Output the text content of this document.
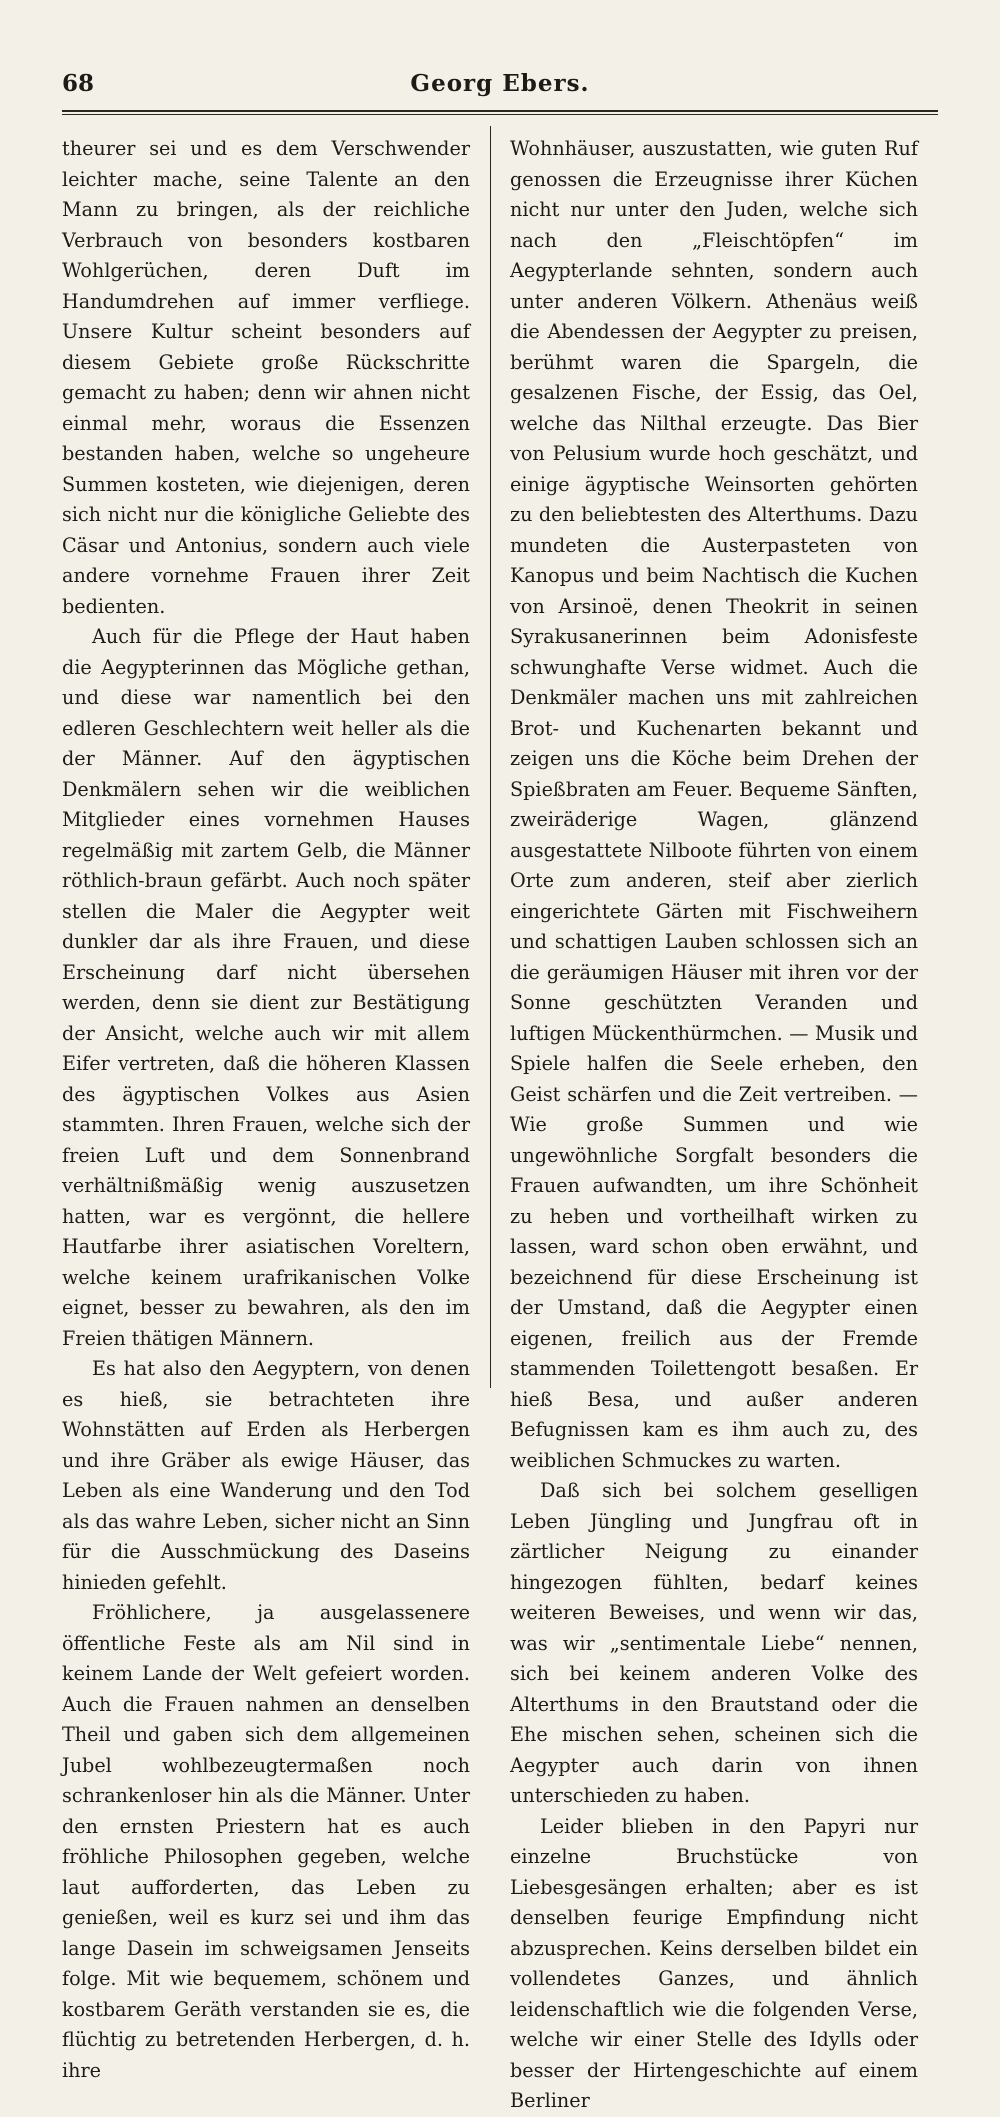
68	Georg Ebers.

theurer sei und es dem Verschwender leichter mache, seine Talente an den Mann zu bringen, als der reichliche Verbrauch von besonders kostbaren Wohlgerüchen, deren Duft im Handumdrehen auf immer verfliege. Unsere Kultur scheint besonders auf diesem Gebiete große Rückschritte gemacht zu haben; denn wir ahnen nicht einmal mehr, woraus die Essenzen bestanden haben, welche so ungeheure Summen kosteten, wie diejenigen, deren sich nicht nur die königliche Geliebte des Cäsar und Antonius, sondern auch viele andere vornehme Frauen ihrer Zeit bedienten.

Auch für die Pflege der Haut haben die Aegypterinnen das Mögliche gethan, und diese war namentlich bei den edleren Geschlechtern weit heller als die der Männer. Auf den ägyptischen Denkmälern sehen wir die weiblichen Mitglieder eines vornehmen Hauses regelmäßig mit zartem Gelb, die Männer röthlich-braun gefärbt. Auch noch später stellen die Maler die Aegypter weit dunkler dar als ihre Frauen, und diese Erscheinung darf nicht übersehen werden, denn sie dient zur Bestätigung der Ansicht, welche auch wir mit allem Eifer vertreten, daß die höheren Klassen des ägyptischen Volkes aus Asien stammten. Ihren Frauen, welche sich der freien Luft und dem Sonnenbrand verhältnißmäßig wenig auszusetzen hatten, war es vergönnt, die hellere Hautfarbe ihrer asiatischen Voreltern, welche keinem urafrikanischen Volke eignet, besser zu bewahren, als den im Freien thätigen Männern.

Es hat also den Aegyptern, von denen es hieß, sie betrachteten ihre Wohnstätten auf Erden als Herbergen und ihre Gräber als ewige Häuser, das Leben als eine Wanderung und den Tod als das wahre Leben, sicher nicht an Sinn für die Ausschmückung des Daseins hinieden gefehlt.

Fröhlichere, ja ausgelassenere öffentliche Feste als am Nil sind in keinem Lande der Welt gefeiert worden. Auch die Frauen nahmen an denselben Theil und gaben sich dem allgemeinen Jubel wohlbezeugtermaßen noch schrankenloser hin als die Männer. Unter den ernsten Priestern hat es auch fröhliche Philosophen gegeben, welche laut aufforderten, das Leben zu genießen, weil es kurz sei und ihm das lange Dasein im schweigsamen Jenseits folge. Mit wie bequemem, schönem und kostbarem Geräth verstanden sie es, die flüchtig zu betretenden Herbergen, d. h. ihre

Wohnhäuser, auszustatten, wie guten Ruf genossen die Erzeugnisse ihrer Küchen nicht nur unter den Juden, welche sich nach den „Fleischtöpfen“ im Aegypterlande sehnten, sondern auch unter anderen Völkern. Athenäus weiß die Abendessen der Aegypter zu preisen, berühmt waren die Spargeln, die gesalzenen Fische, der Essig, das Oel, welche das Nilthal erzeugte. Das Bier von Pelusium wurde hoch geschätzt, und einige ägyptische Weinsorten gehörten zu den beliebtesten des Alterthums. Dazu mundeten die Austerpasteten von Kanopus und beim Nachtisch die Kuchen von Arsinoë, denen Theokrit in seinen Syrakusanerinnen beim Adonisfeste schwunghafte Verse widmet. Auch die Denkmäler machen uns mit zahlreichen Brot- und Kuchenarten bekannt und zeigen uns die Köche beim Drehen der Spießbraten am Feuer. Bequeme Sänften, zweiräderige Wagen, glänzend ausgestattete Nilboote führten von einem Orte zum anderen, steif aber zierlich eingerichtete Gärten mit Fischweihern und schattigen Lauben schlossen sich an die geräumigen Häuser mit ihren vor der Sonne geschützten Veranden und luftigen Mückenthürmchen. — Musik und Spiele halfen die Seele erheben, den Geist schärfen und die Zeit vertreiben. — Wie große Summen und wie ungewöhnliche Sorgfalt besonders die Frauen aufwandten, um ihre Schönheit zu heben und vortheilhaft wirken zu lassen, ward schon oben erwähnt, und bezeichnend für diese Erscheinung ist der Umstand, daß die Aegypter einen eigenen, freilich aus der Fremde stammenden Toilettengott besaßen. Er hieß Besa, und außer anderen Befugnissen kam es ihm auch zu, des weiblichen Schmuckes zu warten.

Daß sich bei solchem geselligen Leben Jüngling und Jungfrau oft in zärtlicher Neigung zu einander hingezogen fühlten, bedarf keines weiteren Beweises, und wenn wir das, was wir „sentimentale Liebe“ nennen, sich bei keinem anderen Volke des Alterthums in den Brautstand oder die Ehe mischen sehen, scheinen sich die Aegypter auch darin von ihnen unterschieden zu haben.

Leider blieben in den Papyri nur einzelne Bruchstücke von Liebesgesängen erhalten; aber es ist denselben feurige Empfindung nicht abzusprechen. Keins derselben bildet ein vollendetes Ganzes, und ähnlich leidenschaftlich wie die folgenden Verse, welche wir einer Stelle des Idylls oder besser der Hirtengeschichte auf einem Berliner
